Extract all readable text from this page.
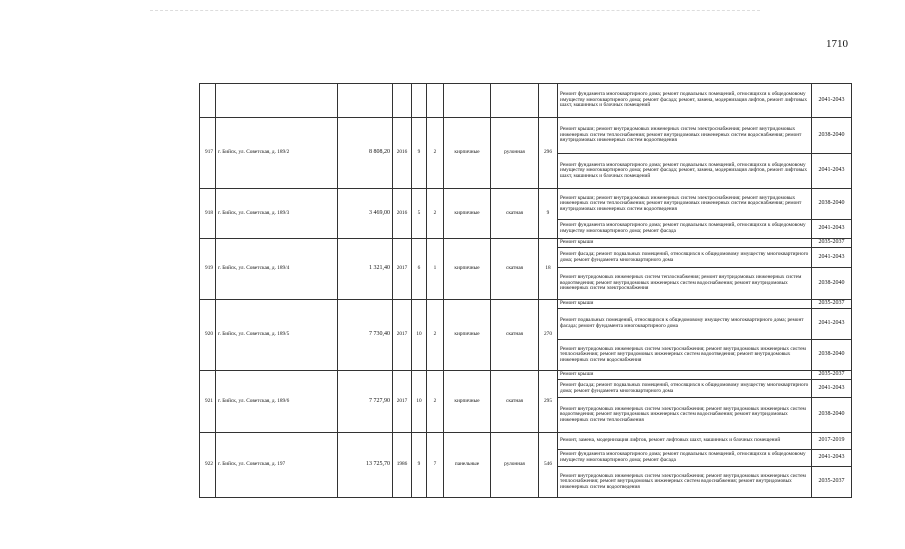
1710
									Ремонт фундамента многоквартирного дома; ремонт подвальных помещений, относящихся к общедомовому имуществу многоквартирного дома; ремонт фасада; ремонт, замена, модернизация лифтов, ремонт лифтовых шахт, машинных и блочных помещений	2041-2043
917	г. Бийск, ул. Советская, д. 189/2	8 808,20	2016	9	2	кирпичные	рулонная	296	Ремонт крыши; ремонт внутридомовых инженерных систем электроснабжения; ремонт внутридомовых инженерных систем теплоснабжения; ремонт внутридомовых инженерных систем водоснабжения; ремонт внутридомовых инженерных систем водоотведения	2038-2040
									Ремонт фундамента многоквартирного дома; ремонт подвальных помещений, относящихся к общедомовому имуществу многоквартирного дома; ремонт фасада; ремонт, замена, модернизация лифтов, ремонт лифтовых шахт, машинных и блочных помещений	2041-2043
918	г. Бийск, ул. Советская, д. 189/3	3 469,00	2016	5	2	кирпичные	скатная	9	Ремонт крыши; ремонт внутридомовых инженерных систем электроснабжения; ремонт внутридомовых инженерных систем теплоснабжения; ремонт внутридомовых инженерных систем водоснабжения; ремонт внутридомовых инженерных систем водоотведения	2038-2040
									Ремонт фундамента многоквартирного дома; ремонт подвальных помещений, относящихся к общедомовому имуществу многоквартирного дома; ремонт фасада	2041-2043
919	г. Бийск, ул. Советская, д. 189/4	1 321,40	2017	6	1	кирпичные	скатная	18	Ремонт крыши	2035-2037
									Ремонт фасада; ремонт подвальных помещений, относящихся к общедомовому имуществу многоквартирного дома; ремонт фундамента многоквартирного дома	2041-2043
									Ремонт внутридомовых инженерных систем теплоснабжения; ремонт внутридомовых инженерных систем водоотведения; ремонт внутридомовых инженерных систем водоснабжения; ремонт внутридомовых инженерных систем электроснабжения	2038-2040
920	г. Бийск, ул. Советская, д. 189/5	7 730,40	2017	10	2	кирпичные	скатная	270	Ремонт крыши	2035-2037
									Ремонт подвальных помещений, относящихся к общедомовому имуществу многоквартирного дома; ремонт фасада; ремонт фундамента многоквартирного дома	2041-2043
									Ремонт внутридомовых инженерных систем электроснабжения; ремонт внутридомовых инженерных систем теплоснабжения; ремонт внутридомовых инженерных систем водоотведения; ремонт внутридомовых инженерных систем водоснабжения	2038-2040
921	г. Бийск, ул. Советская, д. 189/6	7 727,90	2017	10	2	кирпичные	скатная	295	Ремонт крыши	2035-2037
									Ремонт фасада; ремонт подвальных помещений, относящихся к общедомовому имуществу многоквартирного дома; ремонт фундамента многоквартирного дома	2041-2043
									Ремонт внутридомовых инженерных систем электроснабжения; ремонт внутридомовых инженерных систем водоотведения; ремонт внутридомовых инженерных систем водоснабжения; ремонт внутридомовых инженерных систем теплоснабжения	2038-2040
922	г. Бийск, ул. Советская, д. 197	13 725,70	1986	9	7	панельные	рулонная	546	Ремонт, замена, модернизация лифтов, ремонт лифтовых шахт, машинных и блочных помещений	2017-2019
									Ремонт фундамента многоквартирного дома; ремонт подвальных помещений, относящихся к общедомовому имуществу многоквартирного дома; ремонт фасада	2041-2043
									Ремонт внутридомовых инженерных систем электроснабжения; ремонт внутридомовых инженерных систем теплоснабжения; ремонт внутридомовых инженерных систем водоснабжения; ремонт внутридомовых инженерных систем водоотведения	2035-2037
